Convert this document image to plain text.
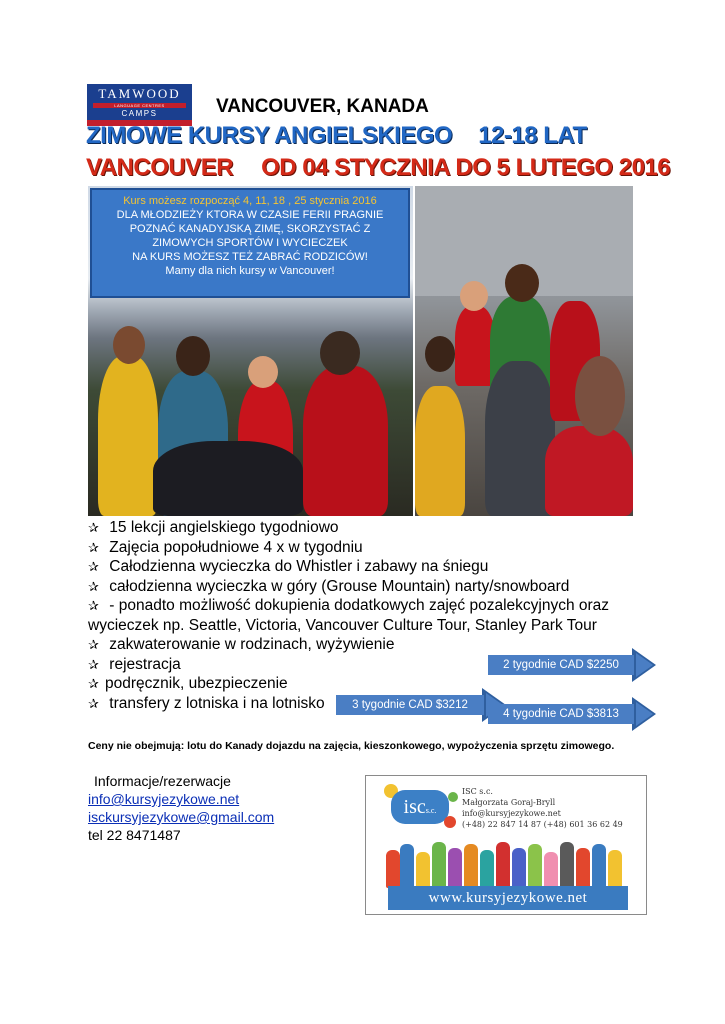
TAMWOOD
LANGUAGE CENTRES
CAMPS	VANCOUVER, KANADA
ZIMOWE KURSY ANGIELSKIEGO 12-18 LAT
VANCOUVER OD 04 STYCZNIA DO 5 LUTEGO 2016
Kurs możesz rozpocząć 4, 11, 18 , 25 stycznia 2016
DLA MŁODZIEŻY KTORA W CZASIE FERII PRAGNIE
POZNAĆ KANADYJSKĄ ZIMĘ, SKORZYSTAĆ Z
ZIMOWYCH SPORTÓW I WYCIECZEK
NA KURS MOŻESZ TEŻ ZABRAĆ RODZICÓW!
Mamy dla nich kursy w Vancouver!
✰ 15 lekcji angielskiego tygodniowo
✰ Zajęcia popołudniowe 4 x w tygodniu
✰ Całodzienna wycieczka do Whistler i zabawy na śniegu
✰ całodzienna wycieczka w góry (Grouse Mountain) narty/snowboard
✰ - ponadto możliwość dokupienia dodatkowych zajęć pozalekcyjnych oraz
wycieczek np. Seattle, Victoria, Vancouver Culture Tour, Stanley Park Tour
✰ zakwaterowanie w rodzinach, wyżywienie
✰ rejestracja
✰ podręcznik, ubezpieczenie
✰ transfery z lotniska i na lotnisko
2 tygodnie CAD $2250
3 tygodnie CAD $3212
4 tygodnie CAD $3813
Ceny nie obejmują: lotu do Kanady dojazdu na zajęcia, kieszonkowego, wypożyczenia sprzętu zimowego.
Informacje/rezerwacje
info@kursyjezykowe.net
isckursyjezykowe@gmail.com
tel 22 8471487
iscs.c.
ISC s.c.
Małgorzata Goraj-Bryll
info@kursyjezykowe.net
(+48) 22 847 14 87 (+48) 601 36 62 49
www.kursyjezykowe.net
